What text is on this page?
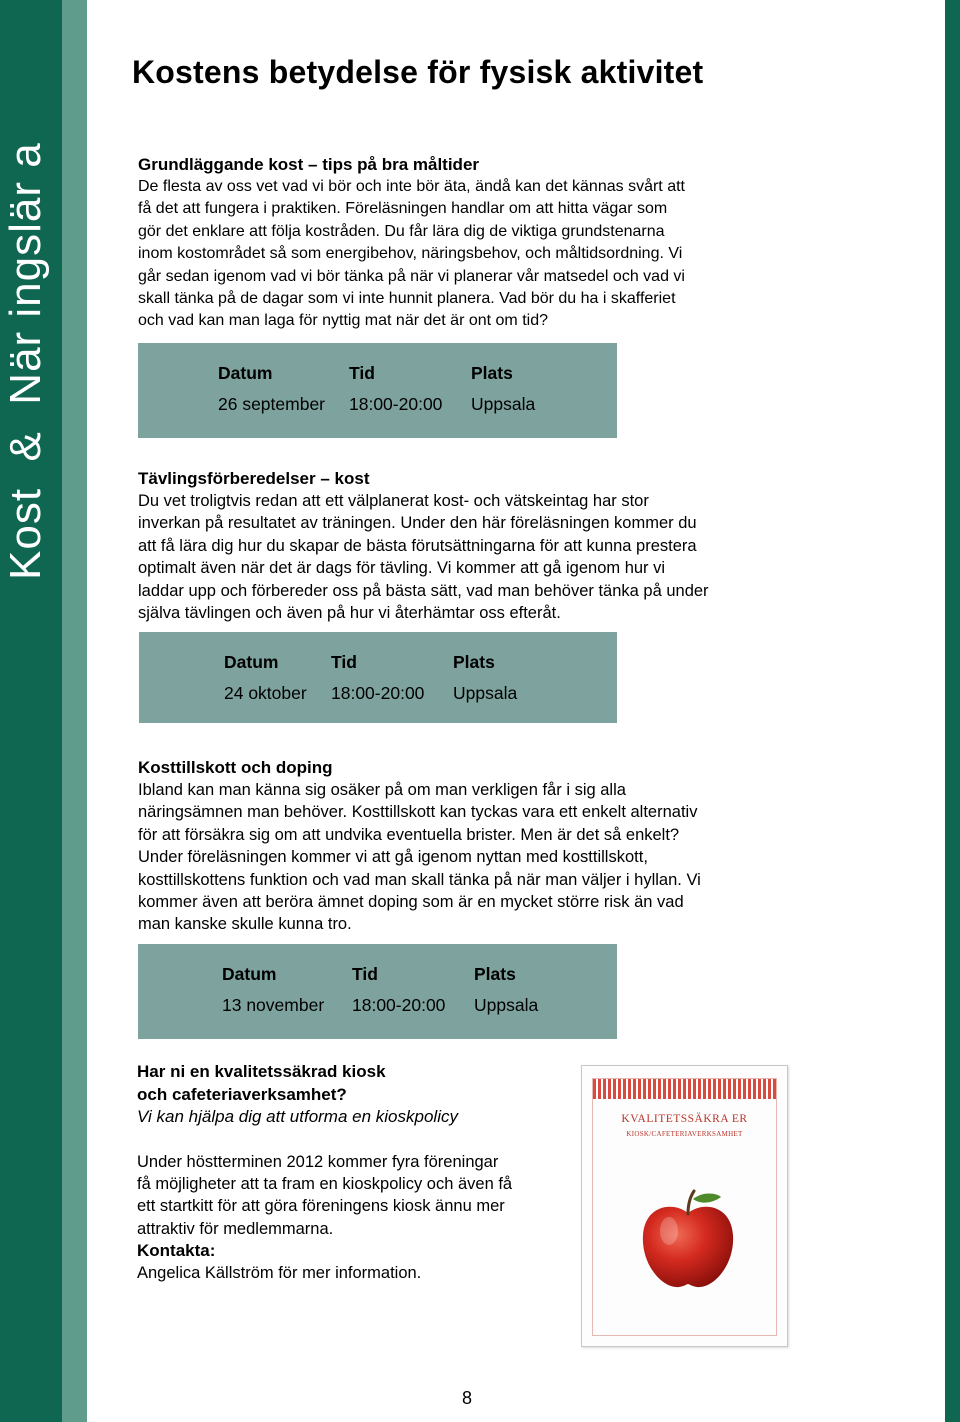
Kost  &  När ingslär a
Kostens betydelse för fysisk aktivitet
Grundläggande kost – tips på bra måltider

De flesta av oss vet vad vi bör och inte bör äta, ändå kan det kännas svårt att

få det att fungera i praktiken. Föreläsningen handlar om att hitta vägar som

gör det enklare att följa kostråden. Du får lära dig de viktiga grundstenarna

inom kostområdet så som energibehov, näringsbehov, och måltidsordning. Vi

går sedan igenom vad vi bör tänka på när vi planerar vår matsedel och vad vi

skall tänka på de dagar som vi inte hunnit planera. Vad bör du ha i skafferiet

och vad kan man laga för nyttig mat när det är ont om tid?

Datum	Tid	Plats
26 september	18:00-20:00	Uppsala
Tävlingsförberedelser – kost

Du vet troligtvis redan att ett välplanerat kost- och vätskeintag har stor

inverkan på resultatet av träningen. Under den här föreläsningen kommer du

att få lära dig hur du skapar de bästa förutsättningarna för att kunna prestera

optimalt även när det är dags för tävling. Vi kommer att gå igenom hur vi

laddar upp och förbereder oss på bästa sätt, vad man behöver tänka på under

själva tävlingen och även på hur vi återhämtar oss efteråt.

Datum	Tid	Plats
24 oktober	18:00-20:00	Uppsala
Kosttillskott och doping

Ibland kan man känna sig osäker på om man verkligen får i sig alla

näringsämnen man behöver. Kosttillskott kan tyckas vara ett enkelt alternativ

för att försäkra sig om att undvika eventuella brister. Men är det så enkelt?

Under föreläsningen kommer vi att gå igenom nyttan med kosttillskott,

kosttillskottens funktion och vad man skall tänka på när man väljer i hyllan. Vi

kommer även att beröra ämnet doping som är en mycket större risk än vad

man kanske skulle kunna tro.

Datum	Tid	Plats
13 november	18:00-20:00	Uppsala
Har ni en kvalitetssäkrad kiosk
och cafeteriaverksamhet?
Vi kan hjälpa dig att utforma en kioskpolicy

Under höstterminen 2012 kommer fyra föreningar

få möjligheter att ta fram en kioskpolicy och även få

ett startkitt för att göra föreningens kiosk ännu mer

attraktiv för medlemmarna.

Kontakta:

Angelica Källström för mer information.

KVALITETSSÄKRA ER
KIOSK/CAFETERIAVERKSAMHET
8
